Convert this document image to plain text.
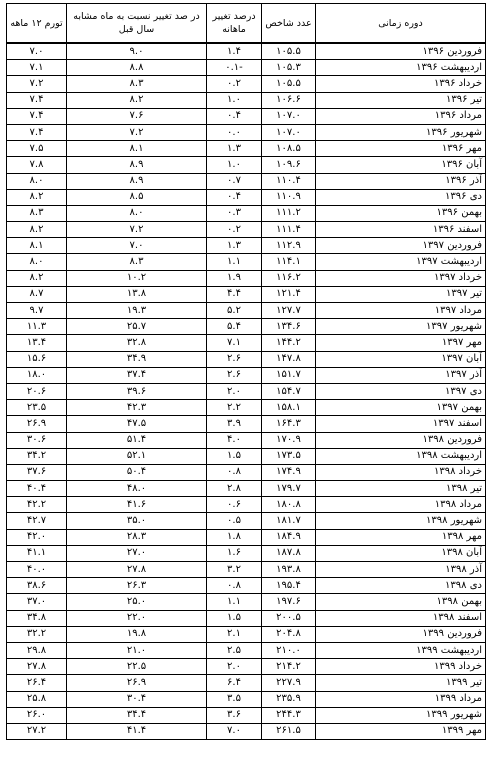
دوره زمانی	عدد شاخص	درصد تغییر ماهانه	در صد تغییر نسبت به ماه مشابه سال قبل	تورم ۱۲ ماهه
فروردین ۱۳۹۶	۱۰۵.۵	۱.۴	۹.۰	۷.۰
اردیبهشت ۱۳۹۶	۱۰۵.۳	-۰.۱	۸.۸	۷.۱
خرداد ۱۳۹۶	۱۰۵.۵	۰.۲	۸.۳	۷.۲
تیر ۱۳۹۶	۱۰۶.۶	۱.۰	۸.۲	۷.۴
مرداد ۱۳۹۶	۱۰۷.۰	۰.۴	۷.۶	۷.۴
شهریور ۱۳۹۶	۱۰۷.۰	۰.۰	۷.۲	۷.۴
مهر ۱۳۹۶	۱۰۸.۵	۱.۳	۸.۱	۷.۵
آبان ۱۳۹۶	۱۰۹.۶	۱.۰	۸.۹	۷.۸
آذر ۱۳۹۶	۱۱۰.۴	۰.۷	۸.۹	۸.۰
دی ۱۳۹۶	۱۱۰.۹	۰.۴	۸.۵	۸.۲
بهمن ۱۳۹۶	۱۱۱.۲	۰.۳	۸.۰	۸.۳
اسفند ۱۳۹۶	۱۱۱.۴	۰.۲	۷.۲	۸.۲
فروردین ۱۳۹۷	۱۱۲.۹	۱.۳	۷.۰	۸.۱
اردیبهشت ۱۳۹۷	۱۱۴.۱	۱.۱	۸.۳	۸.۰
خرداد ۱۳۹۷	۱۱۶.۲	۱.۹	۱۰.۲	۸.۲
تیر ۱۳۹۷	۱۲۱.۴	۴.۴	۱۳.۸	۸.۷
مرداد ۱۳۹۷	۱۲۷.۷	۵.۲	۱۹.۳	۹.۷
شهریور ۱۳۹۷	۱۳۴.۶	۵.۴	۲۵.۷	۱۱.۳
مهر ۱۳۹۷	۱۴۴.۲	۷.۱	۳۲.۸	۱۳.۴
آبان ۱۳۹۷	۱۴۷.۸	۲.۶	۳۴.۹	۱۵.۶
آذر ۱۳۹۷	۱۵۱.۷	۲.۶	۳۷.۴	۱۸.۰
دی ۱۳۹۷	۱۵۴.۷	۲.۰	۳۹.۶	۲۰.۶
بهمن ۱۳۹۷	۱۵۸.۱	۲.۲	۴۲.۳	۲۳.۵
اسفند ۱۳۹۷	۱۶۴.۳	۳.۹	۴۷.۵	۲۶.۹
فروردین ۱۳۹۸	۱۷۰.۹	۴.۰	۵۱.۴	۳۰.۶
اردیبهشت ۱۳۹۸	۱۷۳.۵	۱.۵	۵۲.۱	۳۴.۲
خرداد ۱۳۹۸	۱۷۴.۹	۰.۸	۵۰.۴	۳۷.۶
تیر ۱۳۹۸	۱۷۹.۷	۲.۸	۴۸.۰	۴۰.۴
مرداد ۱۳۹۸	۱۸۰.۸	۰.۶	۴۱.۶	۴۲.۲
شهریور ۱۳۹۸	۱۸۱.۷	۰.۵	۳۵.۰	۴۲.۷
مهر ۱۳۹۸	۱۸۴.۹	۱.۸	۲۸.۳	۴۲.۰
آبان ۱۳۹۸	۱۸۷.۸	۱.۶	۲۷.۰	۴۱.۱
آذر ۱۳۹۸	۱۹۳.۸	۳.۲	۲۷.۸	۴۰.۰
دی ۱۳۹۸	۱۹۵.۴	۰.۸	۲۶.۳	۳۸.۶
بهمن ۱۳۹۸	۱۹۷.۶	۱.۱	۲۵.۰	۳۷.۰
اسفند ۱۳۹۸	۲۰۰.۵	۱.۵	۲۲.۰	۳۴.۸
فروردین ۱۳۹۹	۲۰۴.۸	۲.۱	۱۹.۸	۳۲.۲
اردیبهشت ۱۳۹۹	۲۱۰.۰	۲.۵	۲۱.۰	۲۹.۸
خرداد ۱۳۹۹	۲۱۴.۲	۲.۰	۲۲.۵	۲۷.۸
تیر ۱۳۹۹	۲۲۷.۹	۶.۴	۲۶.۹	۲۶.۴
مرداد ۱۳۹۹	۲۳۵.۹	۳.۵	۳۰.۴	۲۵.۸
شهریور ۱۳۹۹	۲۴۴.۳	۳.۶	۳۴.۴	۲۶.۰
مهر ۱۳۹۹	۲۶۱.۵	۷.۰	۴۱.۴	۲۷.۲
